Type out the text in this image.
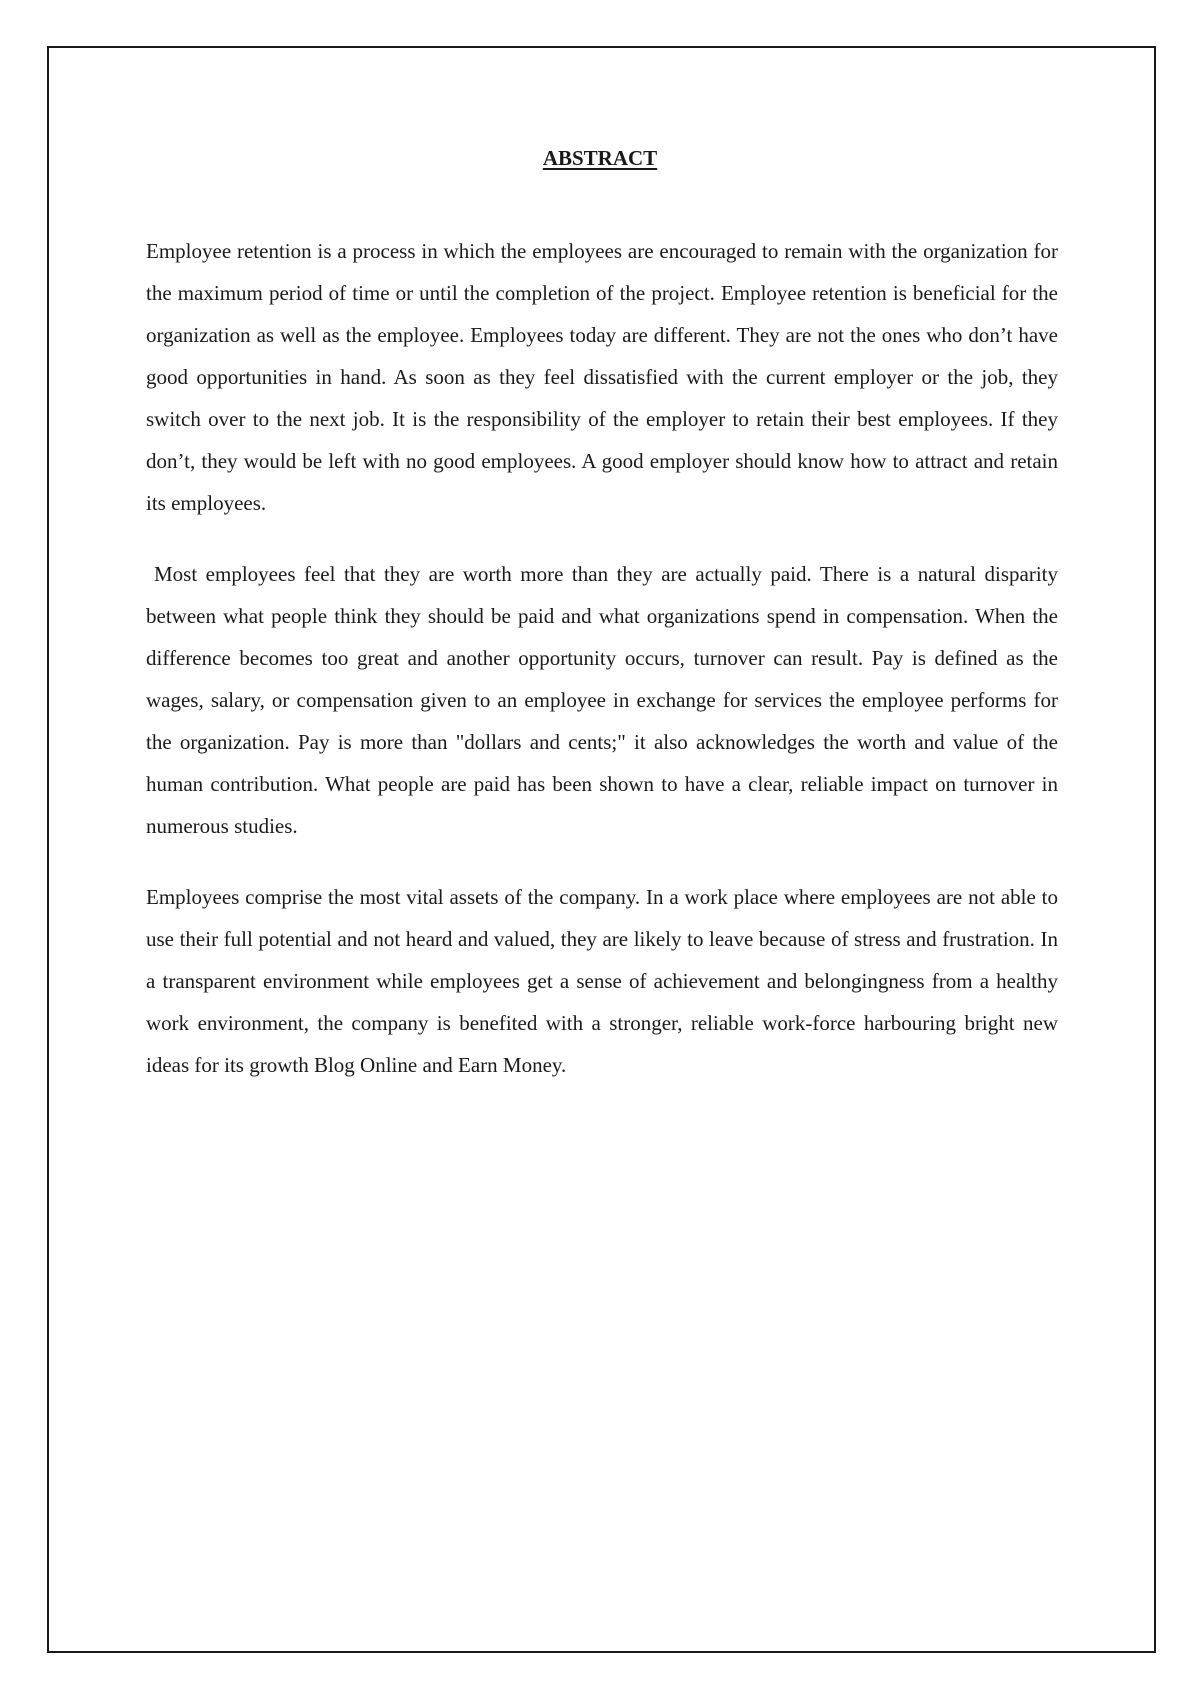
ABSTRACT

Employee retention is a process in which the employees are encouraged to remain with the organization for the maximum period of time or until the completion of the project. Employee retention is beneficial for the organization as well as the employee. Employees today are different. They are not the ones who don’t have good opportunities in hand. As soon as they feel dissatisfied with the current employer or the job, they switch over to the next job. It is the responsibility of the employer to retain their best employees. If they don’t, they would be left with no good employees. A good employer should know how to attract and retain its employees.

Most employees feel that they are worth more than they are actually paid. There is a natural disparity between what people think they should be paid and what organizations spend in compensation. When the difference becomes too great and another opportunity occurs, turnover can result. Pay is defined as the wages, salary, or compensation given to an employee in exchange for services the employee performs for the organization. Pay is more than "dollars and cents;" it also acknowledges the worth and value of the human contribution. What people are paid has been shown to have a clear, reliable impact on turnover in numerous studies.

Employees comprise the most vital assets of the company. In a work place where employees are not able to use their full potential and not heard and valued, they are likely to leave because of stress and frustration. In a transparent environment while employees get a sense of achievement and belongingness from a healthy work environment, the company is benefited with a stronger, reliable work-force harbouring bright new ideas for its growth Blog Online and Earn Money.
